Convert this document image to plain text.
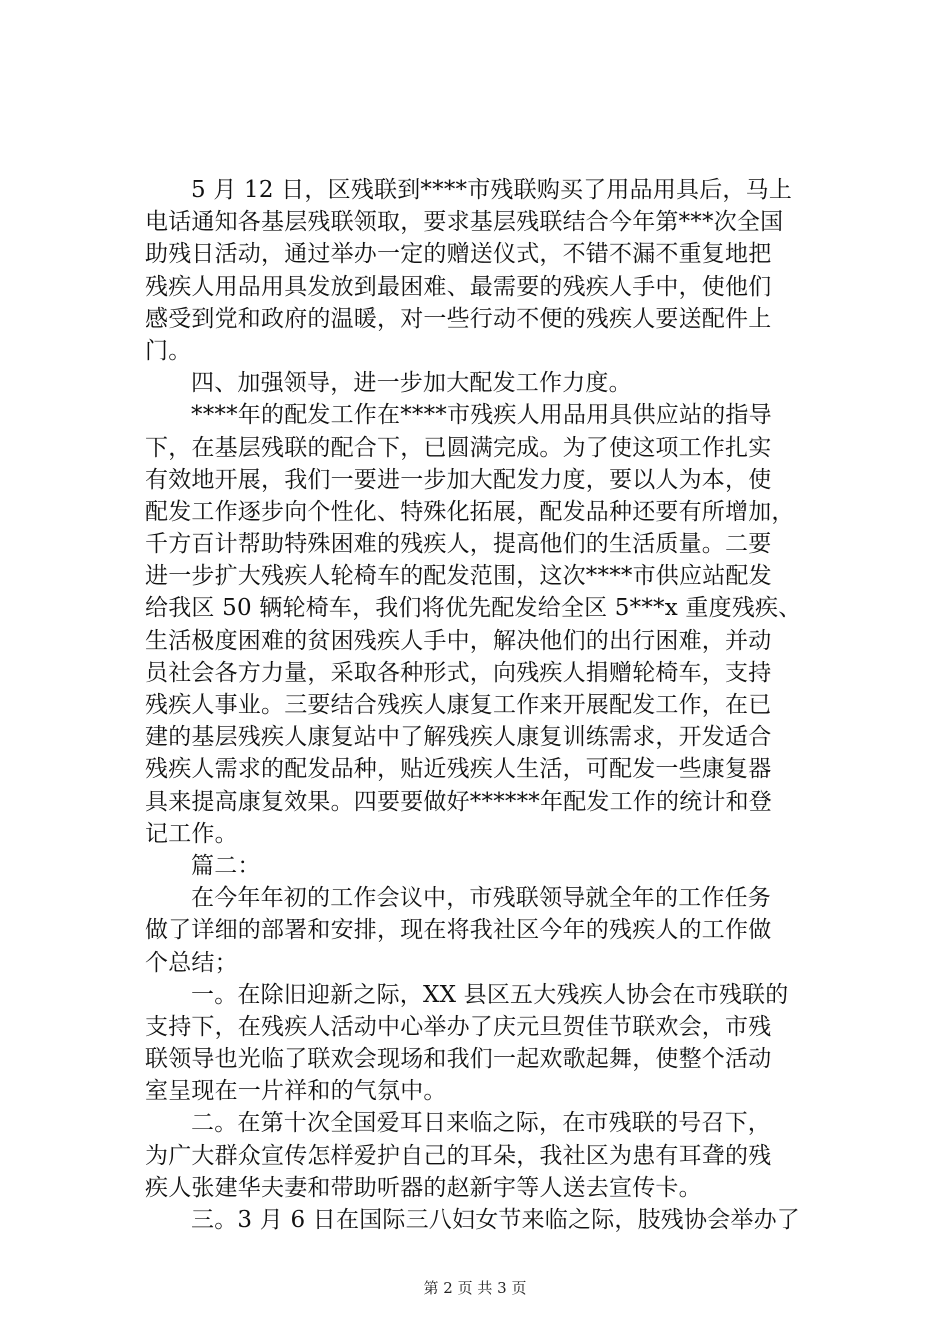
5 月 12 日，区残联到****市残联购买了用品用具后，马上
电话通知各基层残联领取，要求基层残联结合今年第***次全国
助残日活动，通过举办一定的赠送仪式，不错不漏不重复地把
残疾人用品用具发放到最困难、最需要的残疾人手中，使他们
感受到党和政府的温暖，对一些行动不便的残疾人要送配件上
门。
四、加强领导，进一步加大配发工作力度。
****年的配发工作在****市残疾人用品用具供应站的指导
下，在基层残联的配合下，已圆满完成。为了使这项工作扎实
有效地开展，我们一要进一步加大配发力度，要以人为本，使
配发工作逐步向个性化、特殊化拓展，配发品种还要有所增加，
千方百计帮助特殊困难的残疾人，提高他们的生活质量。二要
进一步扩大残疾人轮椅车的配发范围，这次****市供应站配发
给我区 50 辆轮椅车，我们将优先配发给全区 5***x 重度残疾、
生活极度困难的贫困残疾人手中，解决他们的出行困难，并动
员社会各方力量，采取各种形式，向残疾人捐赠轮椅车，支持
残疾人事业。三要结合残疾人康复工作来开展配发工作，在已
建的基层残疾人康复站中了解残疾人康复训练需求，开发适合
残疾人需求的配发品种，贴近残疾人生活，可配发一些康复器
具来提高康复效果。四要要做好******年配发工作的统计和登
记工作。
篇二：
在今年年初的工作会议中，市残联领导就全年的工作任务
做了详细的部署和安排，现在将我社区今年的残疾人的工作做
个总结；
一。在除旧迎新之际，XX 县区五大残疾人协会在市残联的
支持下，在残疾人活动中心举办了庆元旦贺佳节联欢会，市残
联领导也光临了联欢会现场和我们一起欢歌起舞，使整个活动
室呈现在一片祥和的气氛中。
二。在第十次全国爱耳日来临之际，在市残联的号召下，
为广大群众宣传怎样爱护自己的耳朵，我社区为患有耳聋的残
疾人张建华夫妻和带助听器的赵新宇等人送去宣传卡。
三。3 月 6 日在国际三八妇女节来临之际，肢残协会举办了
第 2 页 共 3 页
